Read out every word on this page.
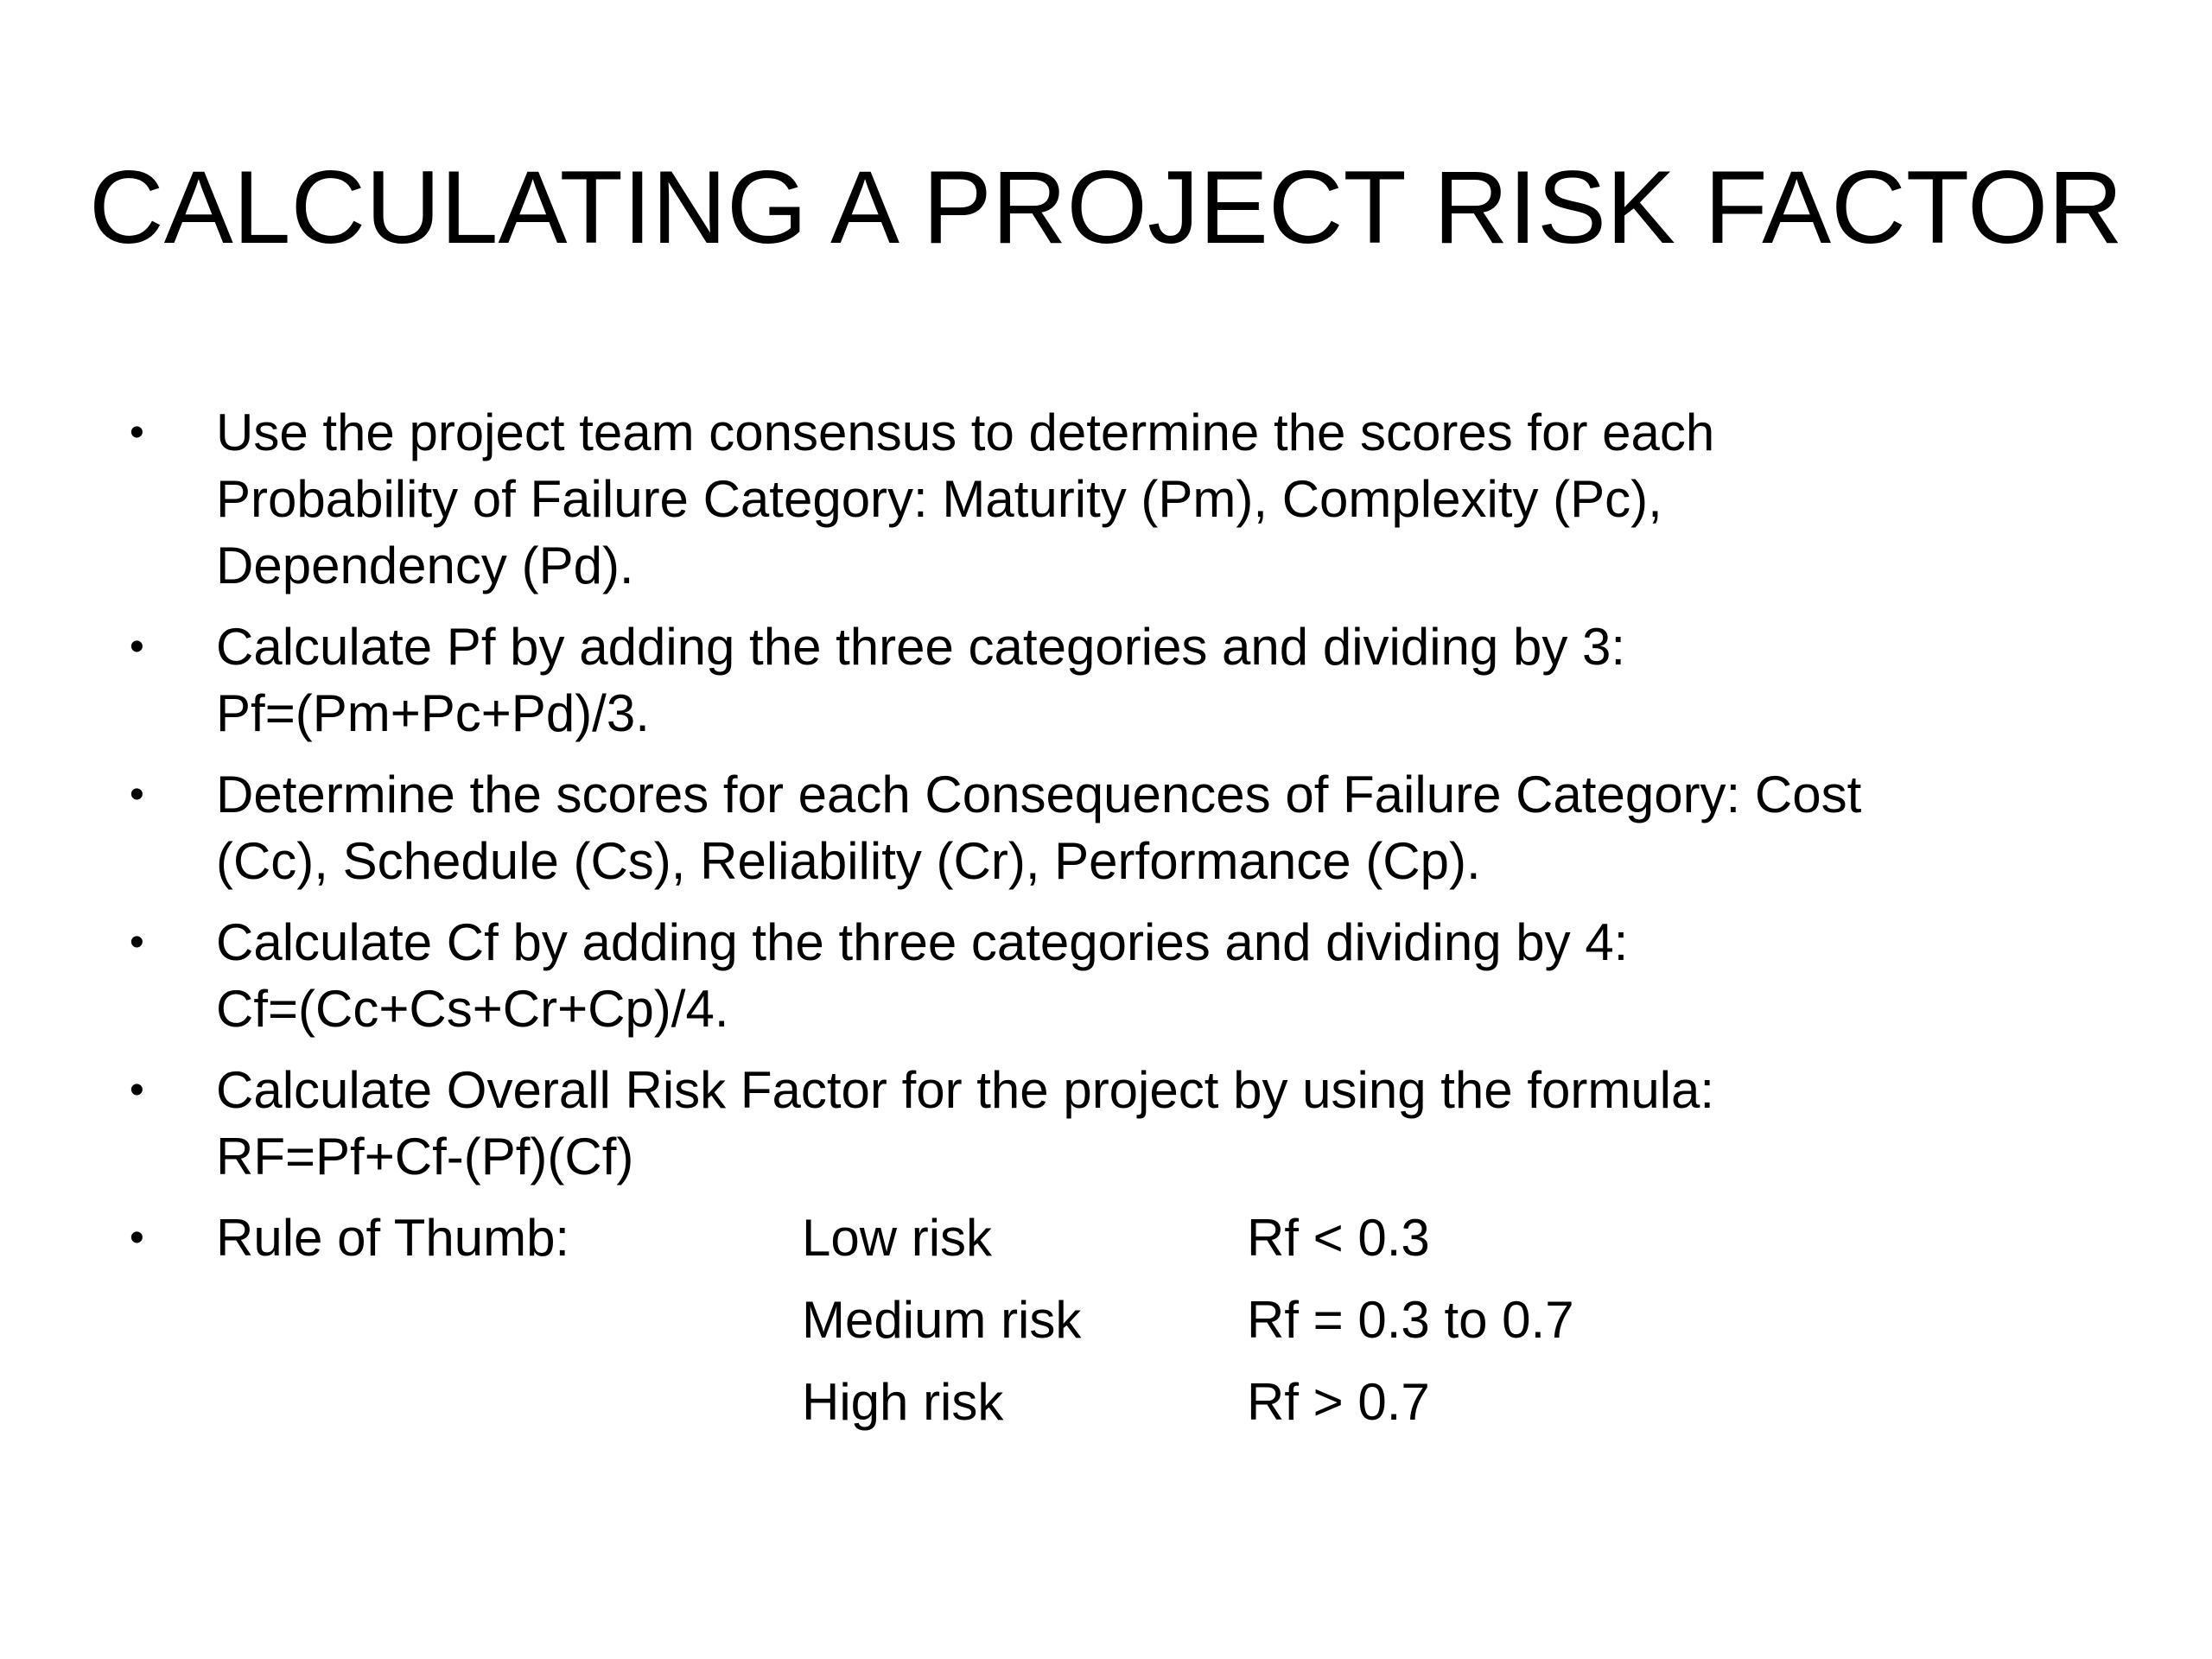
CALCULATING A PROJECT RISK FACTOR
• Use the project team consensus to determine the scores for each
Probability of Failure Category: Maturity (Pm), Complexity (Pc),
Dependency (Pd).
• Calculate Pf by adding the three categories and dividing by 3:
Pf=(Pm+Pc+Pd)/3.
• Determine the scores for each Consequences of Failure Category: Cost
(Cc), Schedule (Cs), Reliability (Cr), Performance (Cp).
• Calculate Cf by adding the three categories and dividing by 4:
Cf=(Cc+Cs+Cr+Cp)/4.
• Calculate Overall Risk Factor for the project by using the formula:
RF=Pf+Cf-(Pf)(Cf)
• Rule of Thumb:	Low risk	Rf < 0.3
Medium risk	Rf = 0.3 to 0.7
High risk	Rf > 0.7
